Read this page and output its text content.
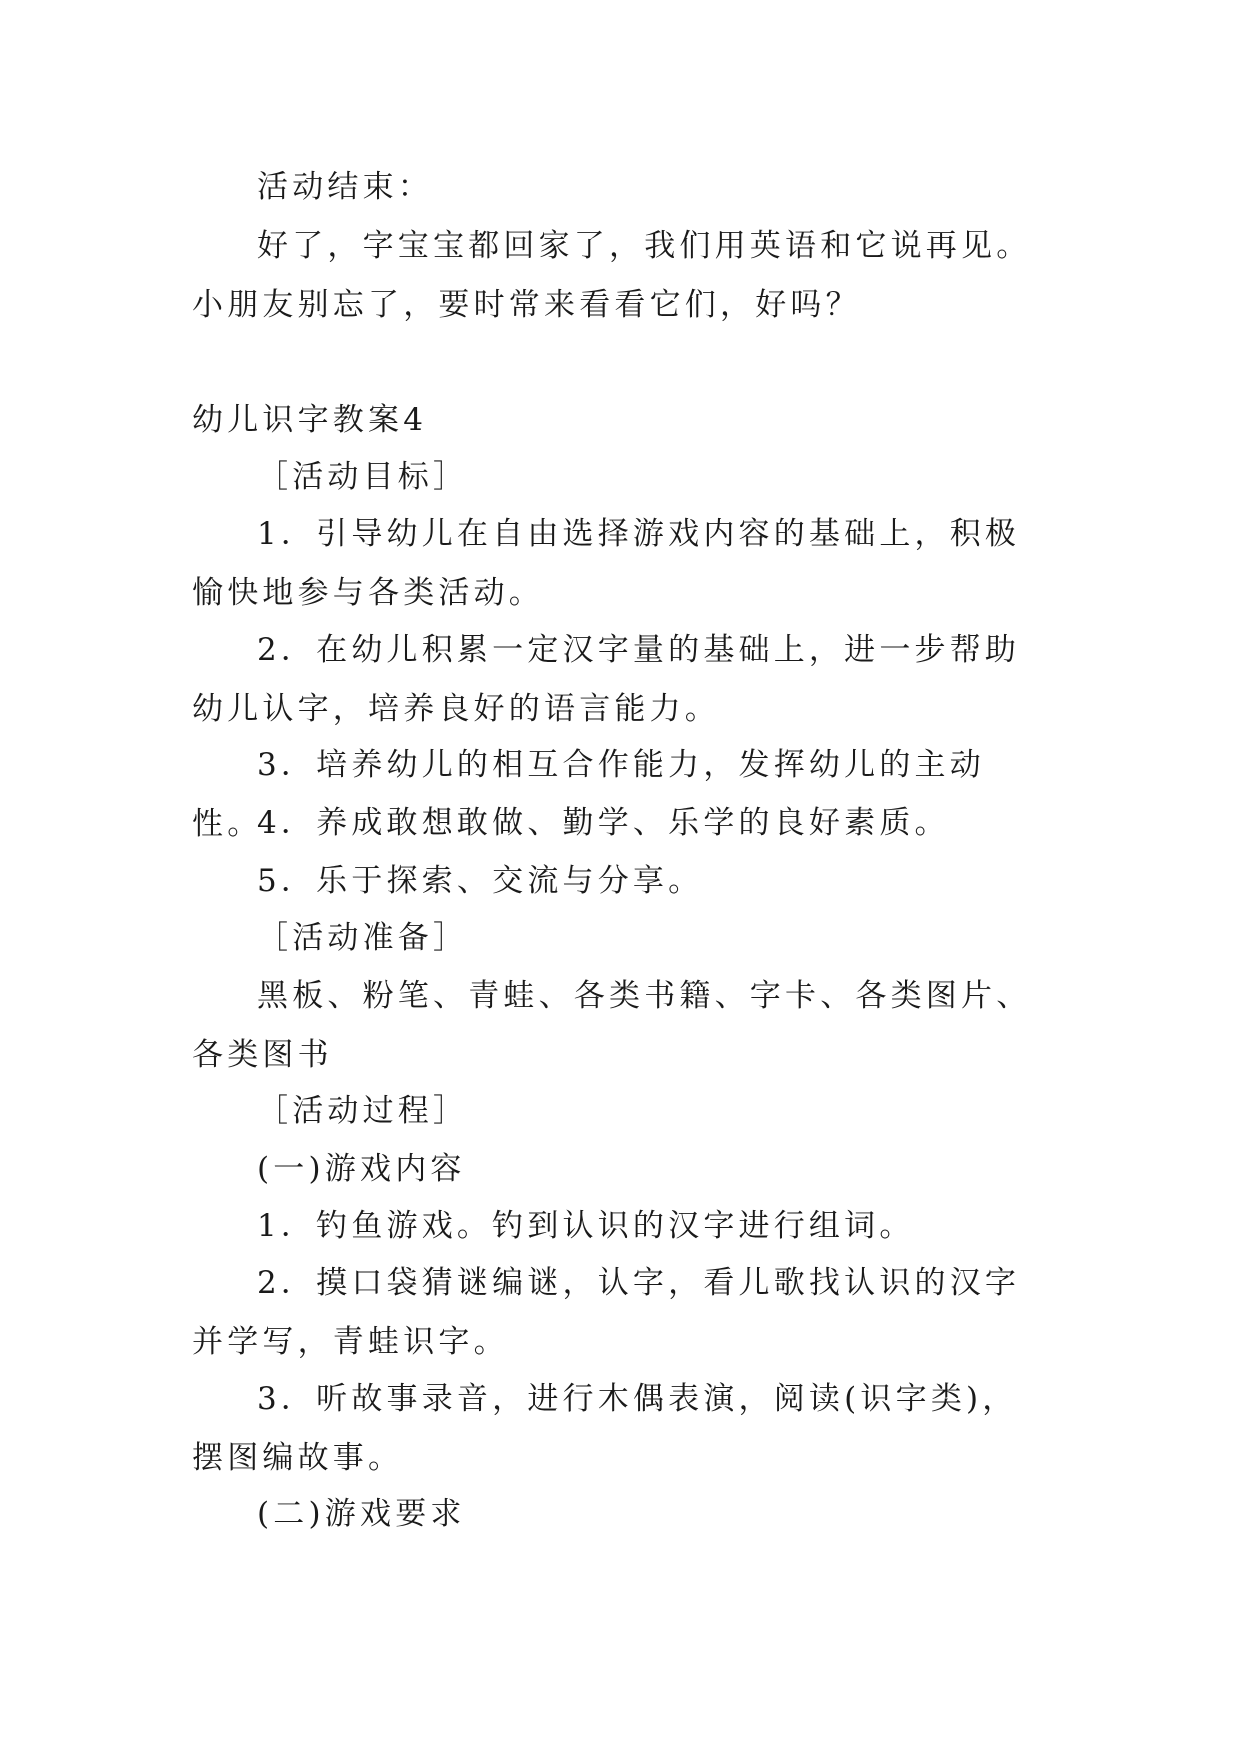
活动结束：

好了，字宝宝都回家了，我们用英语和它说再见。小朋友别忘了，要时常来看看它们，好吗？

幼儿识字教案4

［活动目标］

1．引导幼儿在自由选择游戏内容的基础上，积极愉快地参与各类活动。

2．在幼儿积累一定汉字量的基础上，进一步帮助幼儿认字，培养良好的语言能力。

3．培养幼儿的相互合作能力，发挥幼儿的主动性。

4．养成敢想敢做、勤学、乐学的良好素质。

5．乐于探索、交流与分享。

［活动准备］

黑板、粉笔、青蛙、各类书籍、字卡、各类图片、各类图书

［活动过程］

(一)游戏内容

1．钓鱼游戏。钓到认识的汉字进行组词。

2．摸口袋猜谜编谜，认字，看儿歌找认识的汉字并学写，青蛙识字。

3．听故事录音，进行木偶表演，阅读(识字类)，摆图编故事。

(二)游戏要求
